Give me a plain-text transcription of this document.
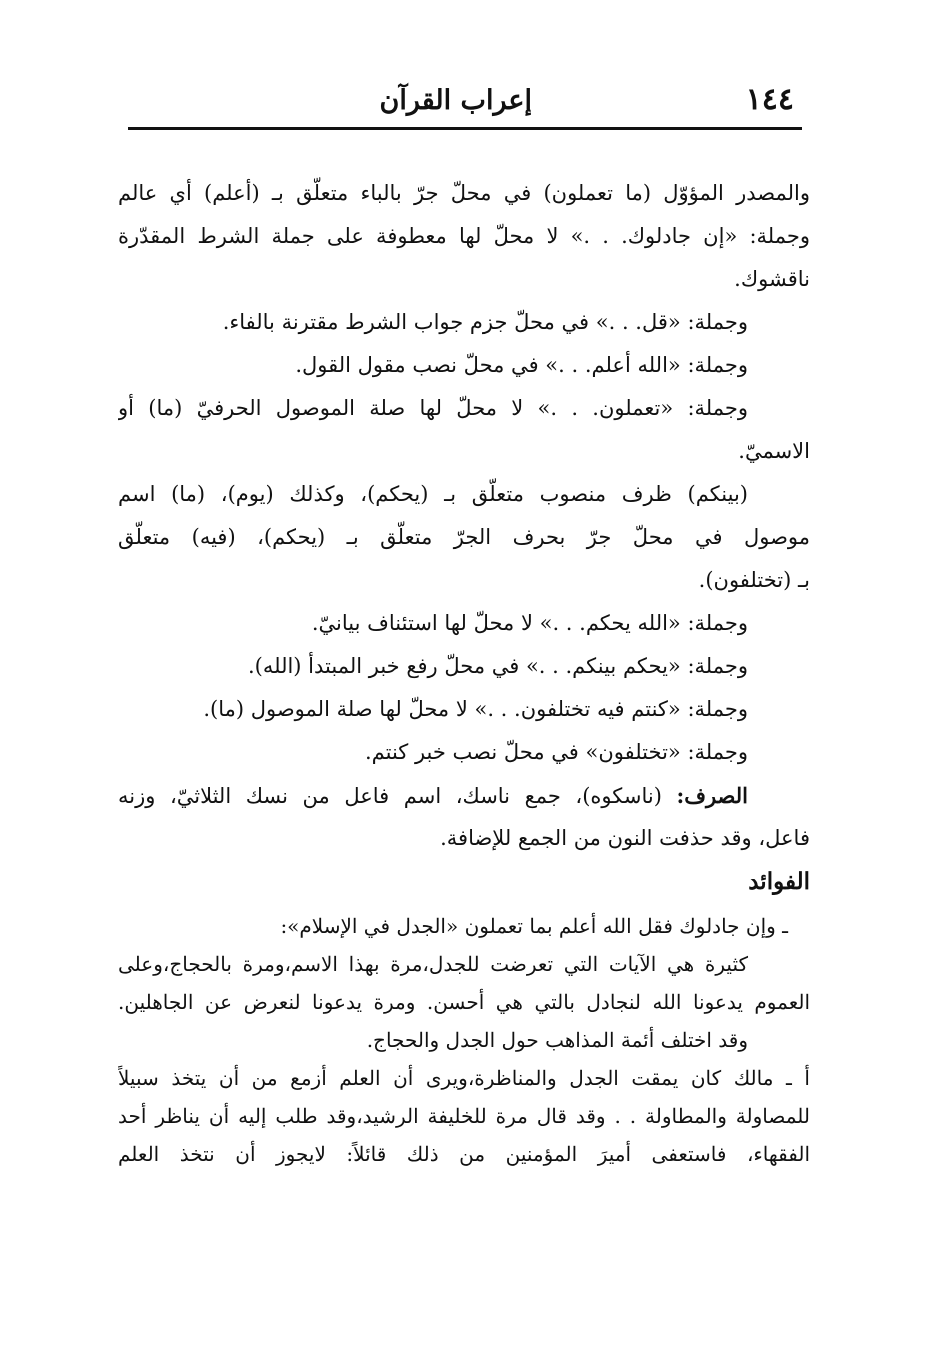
١٤٤
إعراب القرآن
والمصدر المؤوّل (ما تعملون) في محلّ جرّ بالباء متعلّق بـ (أعلم) أي عالم
وجملة: «إن جادلوك. . .» لا محلّ لها معطوفة على جملة الشرط المقدّرة
ناقشوك.
وجملة: «قل. . .» في محلّ جزم جواب الشرط مقترنة بالفاء.
وجملة: «الله أعلم. . .» في محلّ نصب مقول القول.
وجملة: «تعملون. . .» لا محلّ لها صلة الموصول الحرفيّ (ما) أو
الاسميّ.
(بينكم) ظرف منصوب متعلّق بـ (يحكم)، وكذلك (يوم)، (ما) اسم
موصول في محلّ جرّ بحرف الجرّ متعلّق بـ (يحكم)، (فيه) متعلّق
بـ (تختلفون).
وجملة: «الله يحكم. . .» لا محلّ لها استئناف بيانيّ.
وجملة: «يحكم بينكم. . .» في محلّ رفع خبر المبتدأ (الله).
وجملة: «كنتم فيه تختلفون. . .» لا محلّ لها صلة الموصول (ما).
وجملة: «تختلفون» في محلّ نصب خبر كنتم.
الصرف: (ناسكوه)، جمع ناسك، اسم فاعل من نسك الثلاثيّ، وزنه
فاعل، وقد حذفت النون من الجمع للإضافة.
الفوائد
ـ وإن جادلوك فقل الله أعلم بما تعملون «الجدل في الإسلام»:
كثيرة هي الآيات التي تعرضت للجدل،مرة بهذا الاسم،ومرة بالحجاج،وعلى
العموم يدعونا الله لنجادل بالتي هي أحسن. ومرة يدعونا لنعرض عن الجاهلين.
وقد اختلف أئمة المذاهب حول الجدل والحجاج.
أ ـ مالك كان يمقت الجدل والمناظرة،ويرى أن العلم أزمع من أن يتخذ سبيلاً
للمصاولة والمطاولة . . وقد قال مرة للخليفة الرشيد،وقد طلب إليه أن يناظر أحد
الفقهاء، فاستعفى أميرَ المؤمنين من ذلك قائلاً: لايجوز أن نتخذ العلم
